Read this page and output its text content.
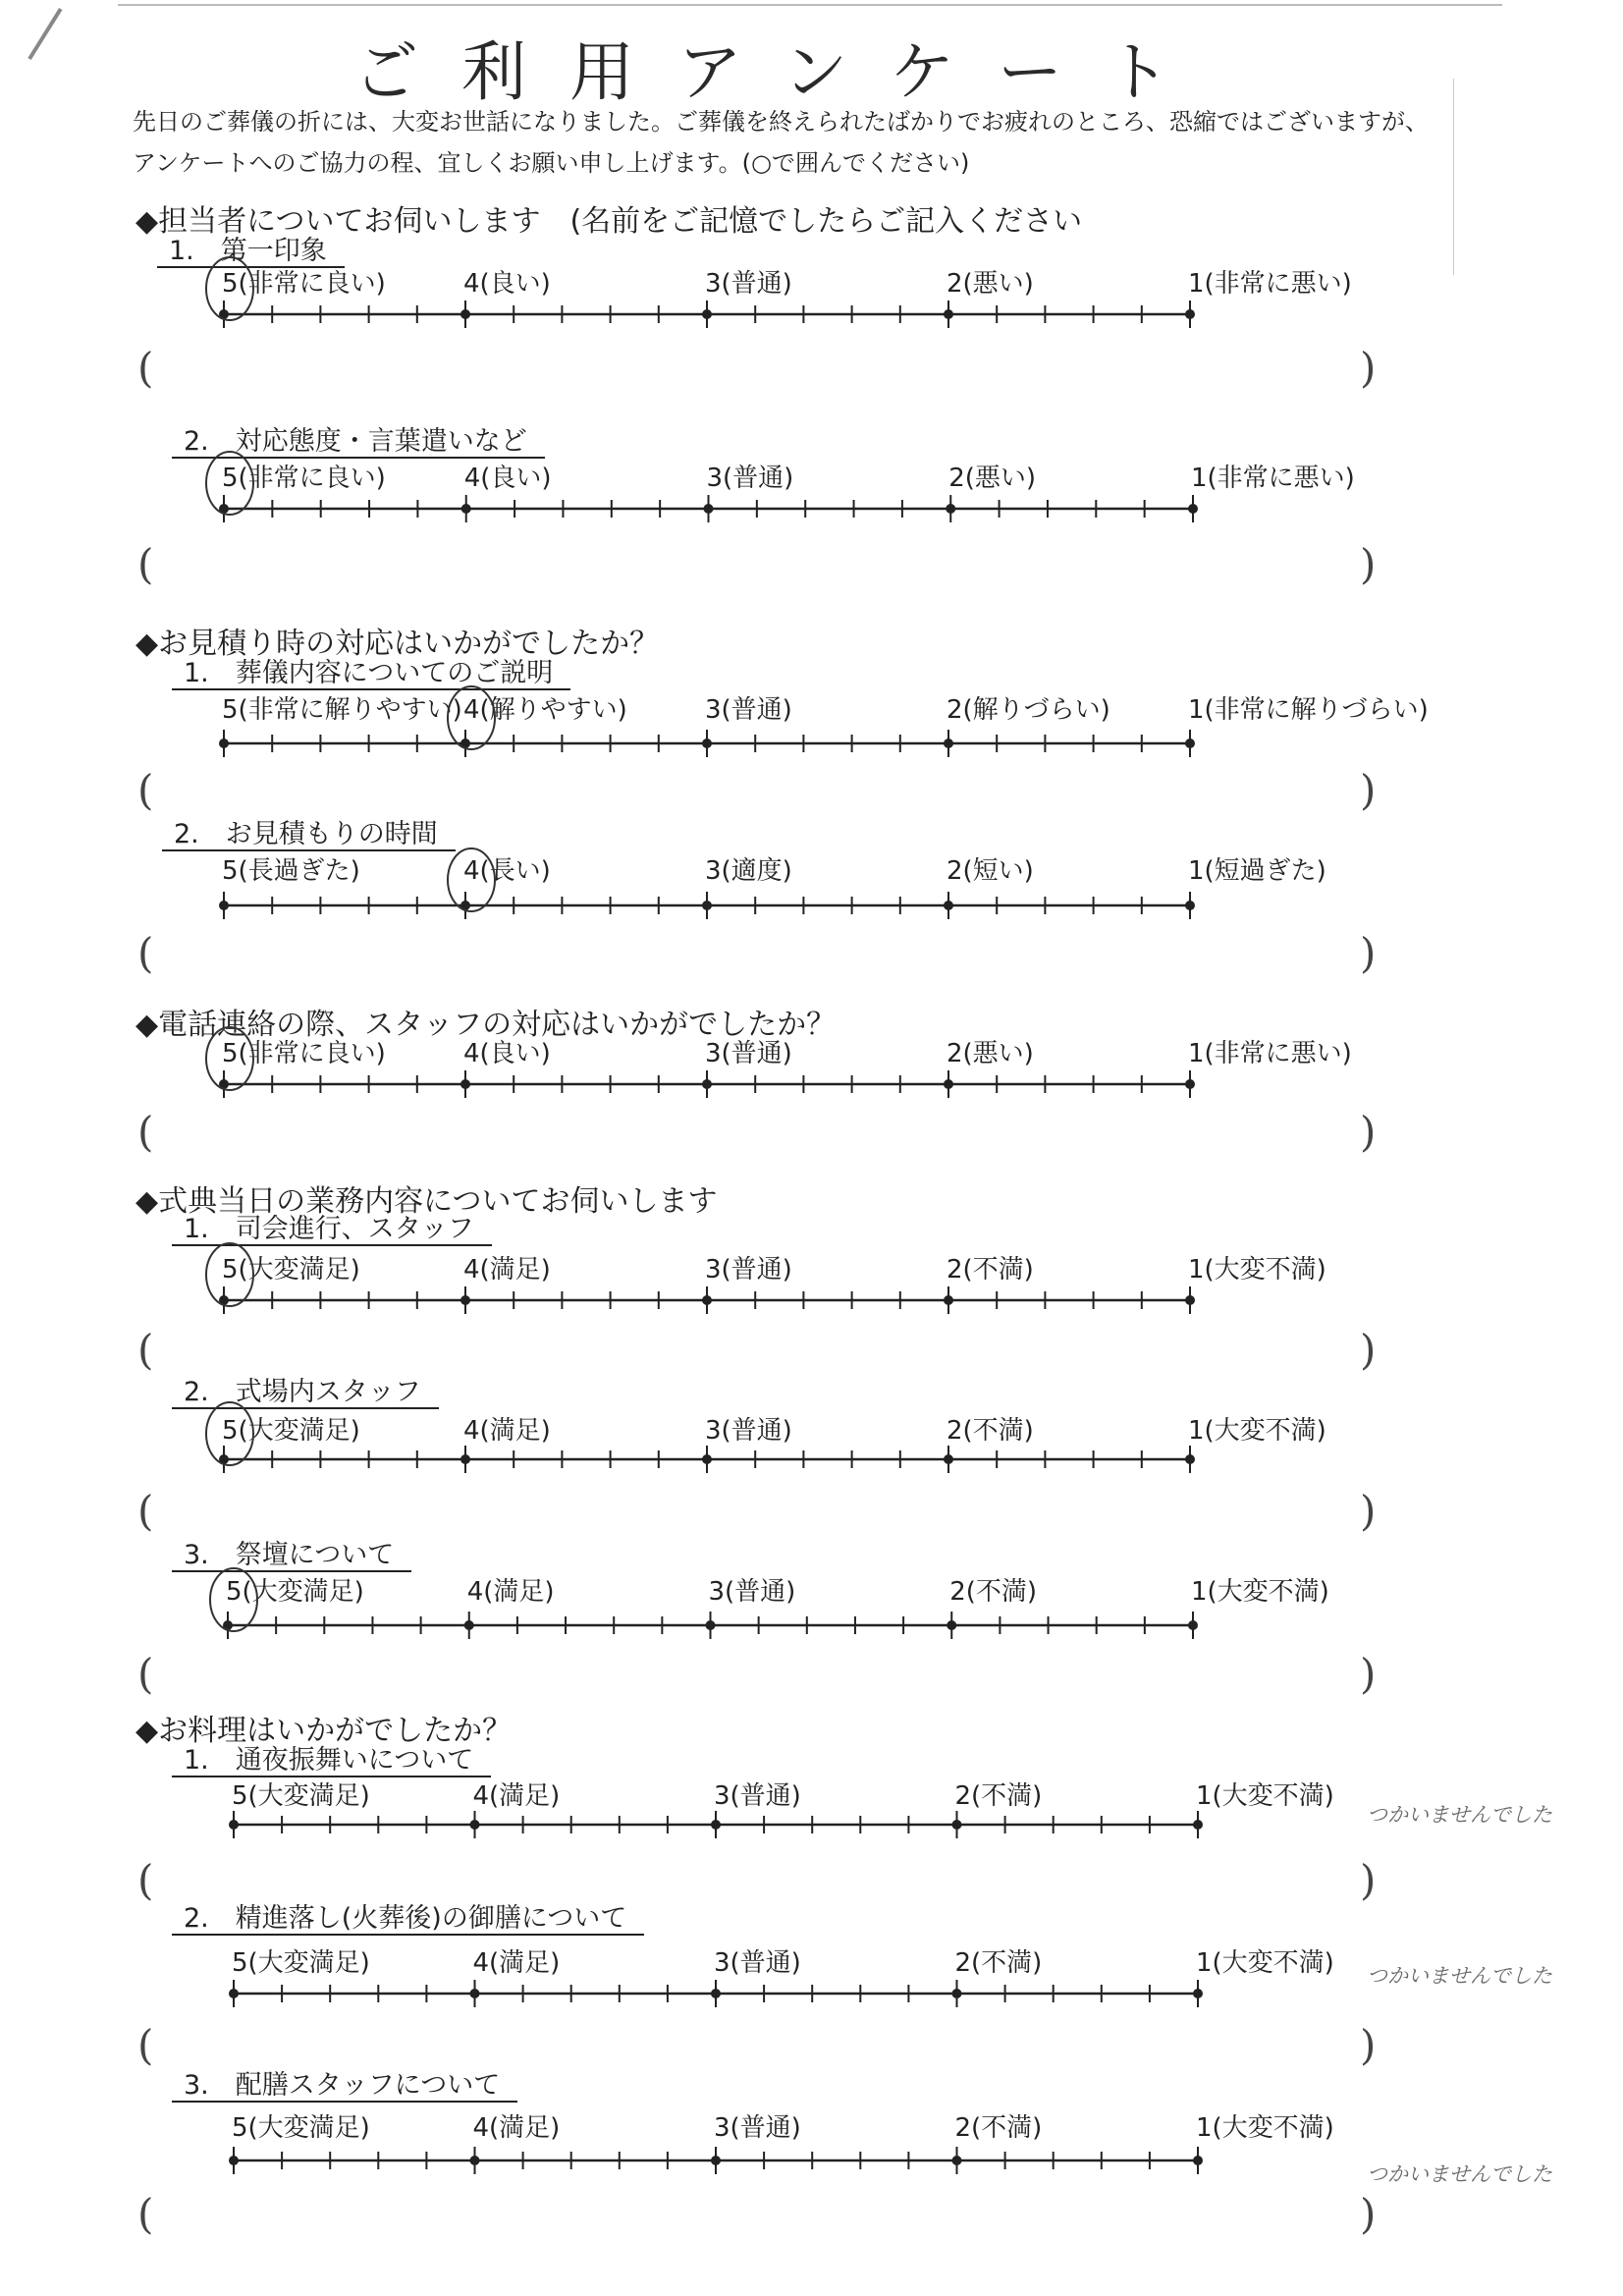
ご利用アンケート
先日のご葬儀の折には、大変お世話になりました。ご葬儀を終えられたばかりでお疲れのところ、恐縮ではございますが、
アンケートへのご協力の程、宜しくお願い申し上げます。(○で囲んでください)
◆担当者についてお伺いします　(名前をご記憶でしたらご記入ください
◆お見積り時の対応はいかがでしたか？
◆電話連絡の際、スタッフの対応はいかがでしたか？
◆式典当日の業務内容についてお伺いします
◆お料理はいかがでしたか？
1.　第一印象
2.　対応態度・言葉遣いなど
1.　葬儀内容についてのご説明
2.　お見積もりの時間
1.　司会進行、スタッフ
2.　式場内スタッフ
3.　祭壇について
1.　通夜振舞いについて
2.　精進落し(火葬後)の御膳について
3.　配膳スタッフについて
5(非常に良い)	4(良い)	3(普通)	2(悪い)	1(非常に悪い)
(	)
5(非常に良い)	4(良い)	3(普通)	2(悪い)	1(非常に悪い)
(	)
5(非常に解りやすい) 4(解りやすい)	3(普通)	2(解りづらい)	1(非常に解りづらい)
(	)
5(長過ぎた)	4(長い)	3(適度)	2(短い)	1(短過ぎた)
(	)
5(非常に良い)	4(良い)	3(普通)	2(悪い)	1(非常に悪い)
(	)
5(大変満足)	4(満足)	3(普通)	2(不満)	1(大変不満)
(	)
5(大変満足)	4(満足)	3(普通)	2(不満)	1(大変不満)
(	)
5(大変満足)	4(満足)	3(普通)	2(不満)	1(大変不満)
(	)
5(大変満足)	4(満足)	3(普通)	2(不満)	1(大変不満)
(	)
つかいませんでした
5(大変満足)	4(満足)	3(普通)	2(不満)	1(大変不満)
(	)
つかいませんでした
5(大変満足)	4(満足)	3(普通)	2(不満)	1(大変不満)
(	)
つかいませんでした
